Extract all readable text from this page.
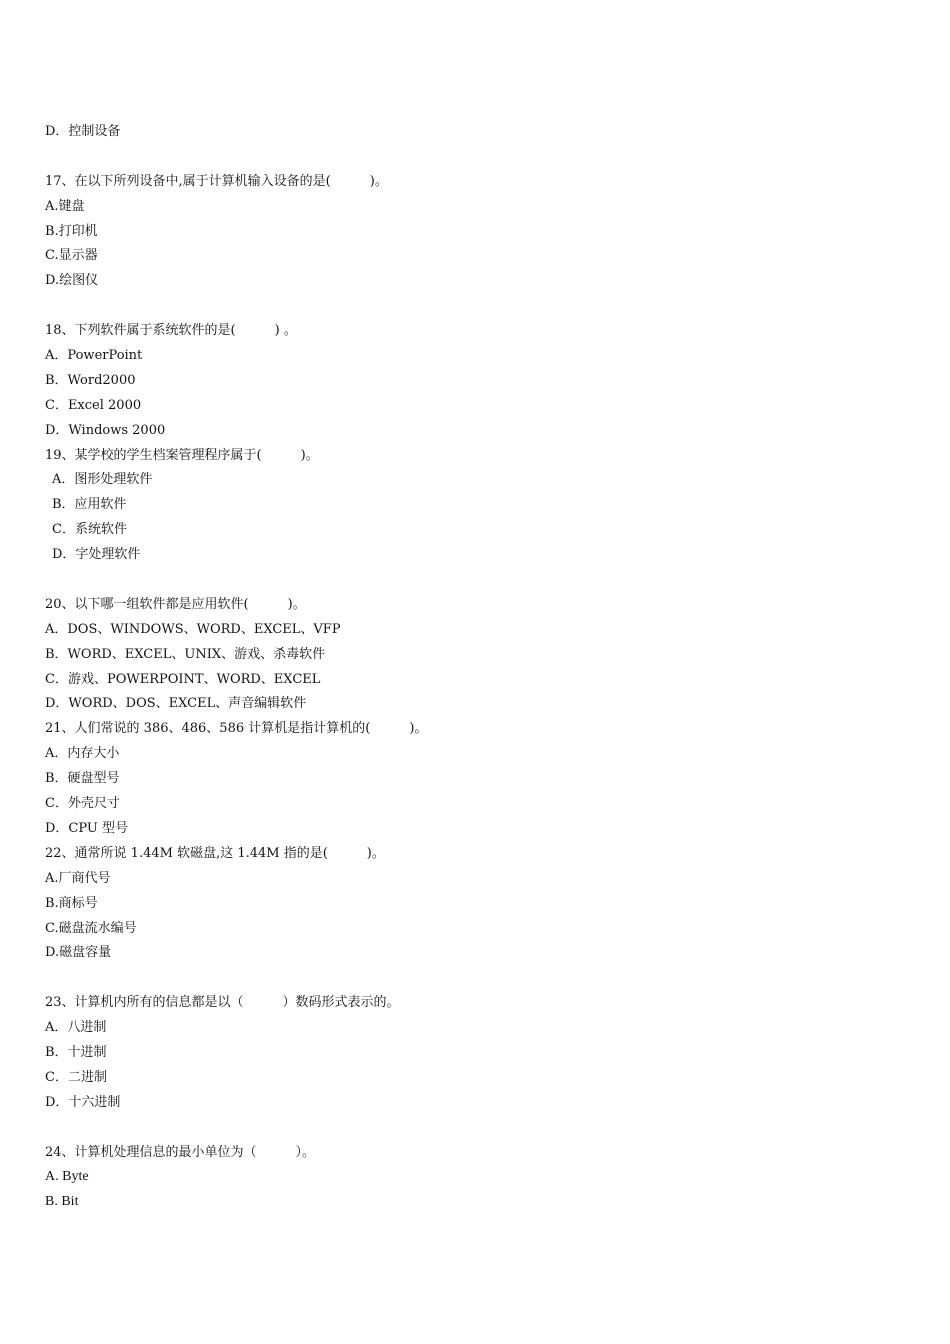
D．控制设备
17、在以下所列设备中,属于计算机输入设备的是(　　　)。
A.键盘
B.打印机
C.显示器
D.绘图仪
18、下列软件属于系统软件的是(　　　) 。
A．PowerPoint
B．Word2000
C．Excel 2000
D．Windows 2000
19、某学校的学生档案管理程序属于(　　　)。
A．图形处理软件
B．应用软件
C．系统软件
D．字处理软件
20、以下哪一组软件都是应用软件(　　　)。
A．DOS、WINDOWS、WORD、EXCEL、VFP
B．WORD、EXCEL、UNIX、游戏、杀毒软件
C．游戏、POWERPOINT、WORD、EXCEL
D．WORD、DOS、EXCEL、声音编辑软件
21、人们常说的 386、486、586 计算机是指计算机的(　　　)。
A．内存大小
B．硬盘型号
C．外壳尺寸
D．CPU 型号
22、通常所说 1.44M 软磁盘,这 1.44M 指的是(　　　)。
A.厂商代号
B.商标号
C.磁盘流水编号
D.磁盘容量
23、计算机内所有的信息都是以（　　　）数码形式表示的。
A．八进制
B．十进制
C．二进制
D．十六进制
24、计算机处理信息的最小单位为（　　　）。
A. Byte
B. Bit
